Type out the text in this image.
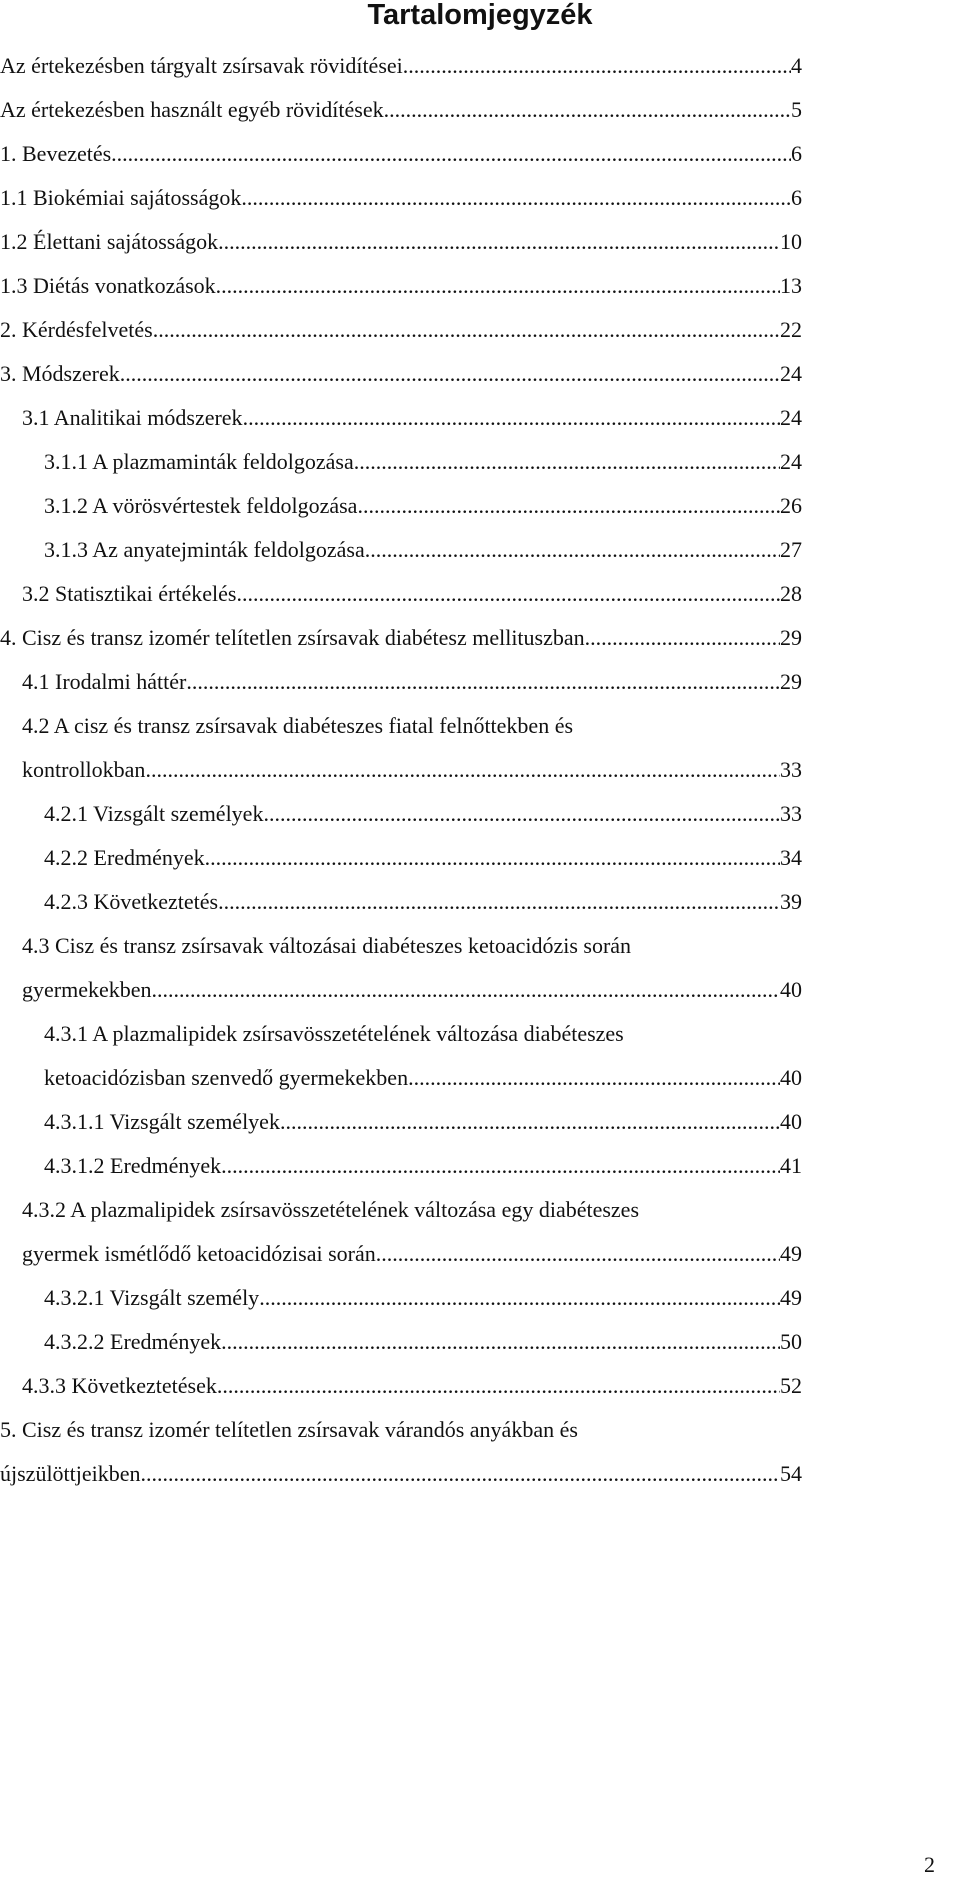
Tartalomjegyzék
Az értekezésben tárgyalt zsírsavak rövidítései .....	4
Az értekezésben használt egyéb rövidítések .....	5
1. Bevezetés .....	6
1.1 Biokémiai sajátosságok .....	6
1.2 Élettani sajátosságok .....	10
1.3 Diétás vonatkozások .....	13
2. Kérdésfelvetés .....	22
3. Módszerek .....	24
3.1 Analitikai módszerek .....	24
3.1.1 A plazmaminták feldolgozása .....	24
3.1.2 A vörösvértestek feldolgozása .....	26
3.1.3 Az anyatejminták feldolgozása .....	27
3.2 Statisztikai értékelés .....	28
4. Cisz és transz izomér telítetlen zsírsavak diabétesz mellituszban .....	29
4.1 Irodalmi háttér .....	29
4.2 A cisz és transz zsírsavak diabéteszes fiatal felnőttekben és
kontrollokban .....	33
4.2.1 Vizsgált személyek .....	33
4.2.2 Eredmények .....	34
4.2.3 Következtetés .....	39
4.3 Cisz és transz zsírsavak változásai diabéteszes ketoacidózis során
gyermekekben .....	40
4.3.1 A plazmalipidek zsírsavösszetételének változása diabéteszes
ketoacidózisban szenvedő gyermekekben .....	40
4.3.1.1 Vizsgált személyek .....	40
4.3.1.2 Eredmények .....	41
4.3.2 A plazmalipidek zsírsavösszetételének változása egy diabéteszes
gyermek ismétlődő ketoacidózisai során .....	49
4.3.2.1 Vizsgált személy .....	49
4.3.2.2 Eredmények .....	50
4.3.3 Következtetések .....	52
5. Cisz és transz izomér telítetlen zsírsavak várandós anyákban és
újszülöttjeikben .....	54
2
